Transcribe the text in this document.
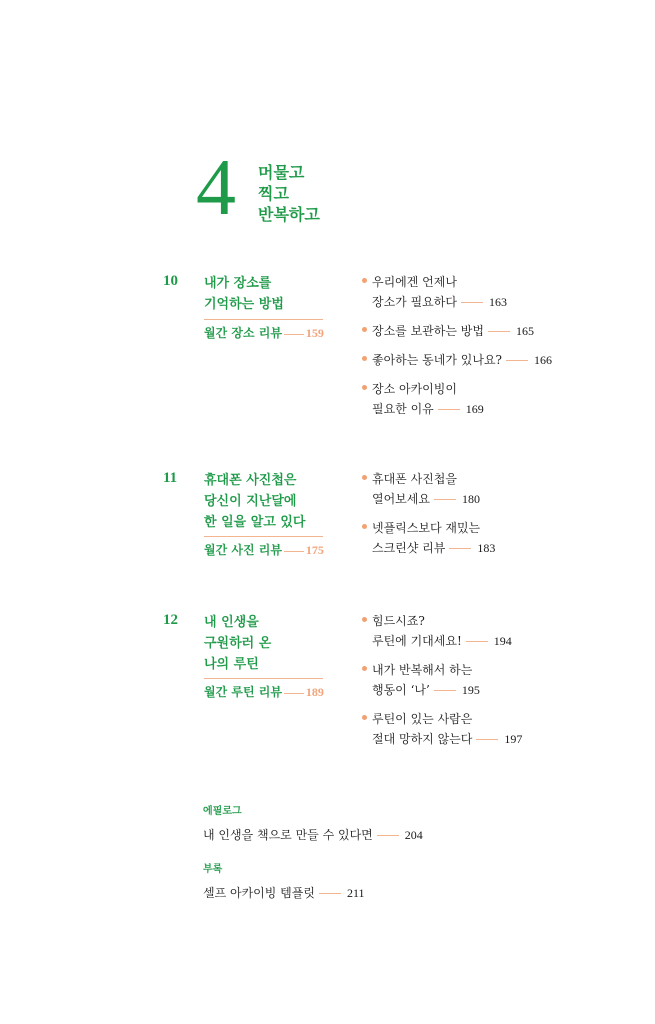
4 머물고
찍고
반복하고
10 내가 장소를
기억하는 방법
월간 장소 리뷰 159
우리에겐 언제나
장소가 필요하다	163
장소를 보관하는 방법	165
좋아하는 동네가 있나요?	166
장소 아카이빙이
필요한 이유	169
11 휴대폰 사진첩은
당신이 지난달에
한 일을 알고 있다
월간 사진 리뷰 175
휴대폰 사진첩을
열어보세요	180
넷플릭스보다 재밌는
스크린샷 리뷰	183
12 내 인생을
구원하러 온
나의 루틴
월간 루틴 리뷰 189
힘드시죠?
루틴에 기대세요!	194
내가 반복해서 하는
행동이 ‘나’	195
루틴이 있는 사람은
절대 망하지 않는다	197
에필로그
내 인생을 책으로 만들 수 있다면	204
부록
셀프 아카이빙 템플릿	211
